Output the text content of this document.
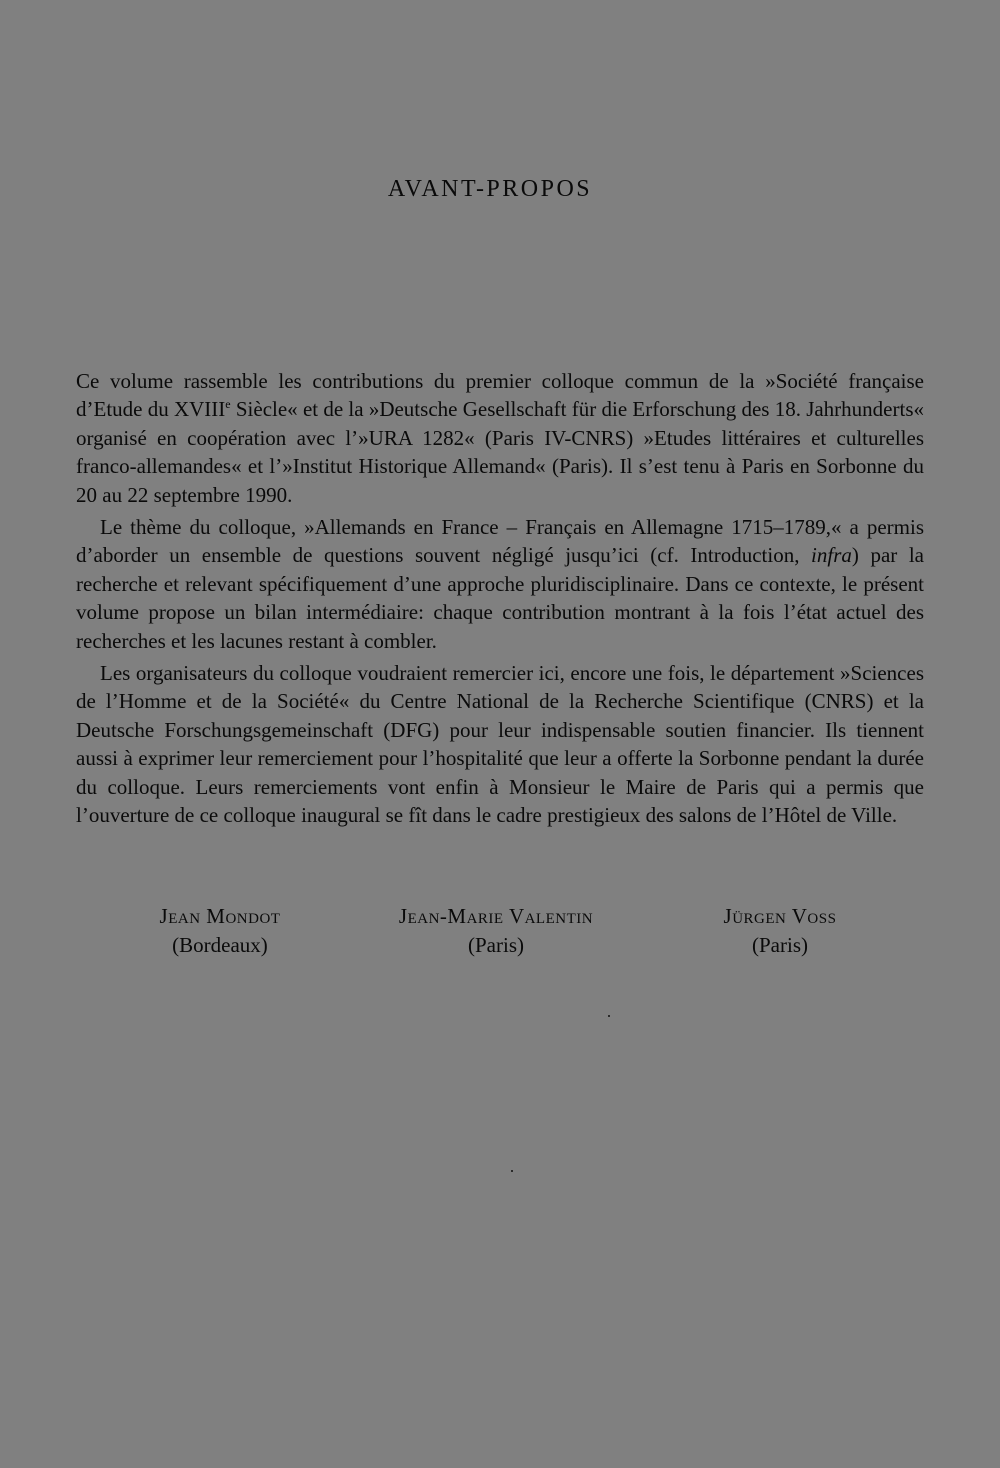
AVANT-PROPOS

Ce volume rassemble les contributions du premier colloque commun de la »Société française d’Etude du XVIIIe Siècle« et de la »Deutsche Gesellschaft für die Erforschung des 18. Jahrhunderts« organisé en coopération avec l’»URA 1282« (Paris IV-CNRS) »Etudes littéraires et culturelles franco-allemandes« et l’»Institut Historique Allemand« (Paris). Il s’est tenu à Paris en Sorbonne du 20 au 22 septembre 1990.

Le thème du colloque, »Allemands en France – Français en Allemagne 1715–1789,« a permis d’aborder un ensemble de questions souvent négligé jusqu’ici (cf. Introduction, infra) par la recherche et relevant spécifiquement d’une approche pluridisciplinaire. Dans ce contexte, le présent volume propose un bilan intermédiaire: chaque contribution montrant à la fois l’état actuel des recherches et les lacunes restant à combler.

Les organisateurs du colloque voudraient remercier ici, encore une fois, le département »Sciences de l’Homme et de la Société« du Centre National de la Recherche Scientifique (CNRS) et la Deutsche Forschungsgemeinschaft (DFG) pour leur indispensable soutien financier. Ils tiennent aussi à exprimer leur remerciement pour l’hospitalité que leur a offerte la Sorbonne pendant la durée du colloque. Leurs remerciements vont enfin à Monsieur le Maire de Paris qui a permis que l’ouverture de ce colloque inaugural se fît dans le cadre prestigieux des salons de l’Hôtel de Ville.

Jean Mondot
(Bordeaux)
Jean-Marie Valentin
(Paris)
Jürgen Voss
(Paris)
